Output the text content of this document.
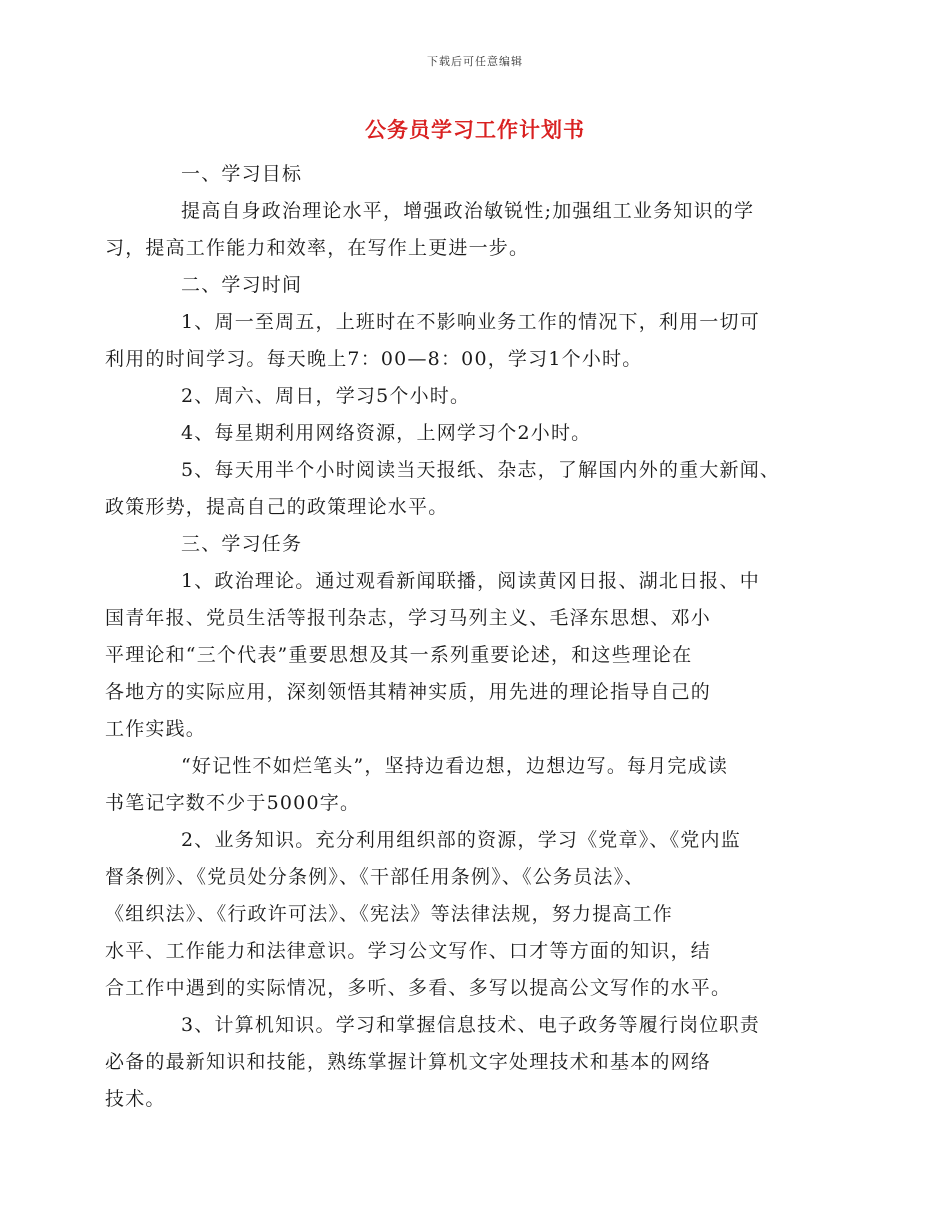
下载后可任意编辑
公务员学习工作计划书

一、学习目标

提高自身政治理论水平，增强政治敏锐性;加强组工业务知识的学
习，提高工作能力和效率，在写作上更进一步。

二、学习时间

1、周一至周五，上班时在不影响业务工作的情况下，利用一切可
利用的时间学习。每天晚上7：00—8：00，学习1个小时。

2、周六、周日，学习5个小时。

4、每星期利用网络资源，上网学习个2小时。

5、每天用半个小时阅读当天报纸、杂志，了解国内外的重大新闻、
政策形势，提高自己的政策理论水平。

三、学习任务

1、政治理论。通过观看新闻联播，阅读黄冈日报、湖北日报、中
国青年报、党员生活等报刊杂志，学习马列主义、毛泽东思想、邓小
平理论和“三个代表”重要思想及其一系列重要论述，和这些理论在
各地方的实际应用，深刻领悟其精神实质，用先进的理论指导自己的
工作实践。

“好记性不如烂笔头”，坚持边看边想，边想边写。每月完成读
书笔记字数不少于5000字。

2、业务知识。充分利用组织部的资源，学习《党章》、《党内监
督条例》、《党员处分条例》、《干部任用条例》、《公务员法》、
《组织法》、《行政许可法》、《宪法》等法律法规，努力提高工作
水平、工作能力和法律意识。学习公文写作、口才等方面的知识，结
合工作中遇到的实际情况，多听、多看、多写以提高公文写作的水平。

3、计算机知识。学习和掌握信息技术、电子政务等履行岗位职责
必备的最新知识和技能，熟练掌握计算机文字处理技术和基本的网络
技术。
